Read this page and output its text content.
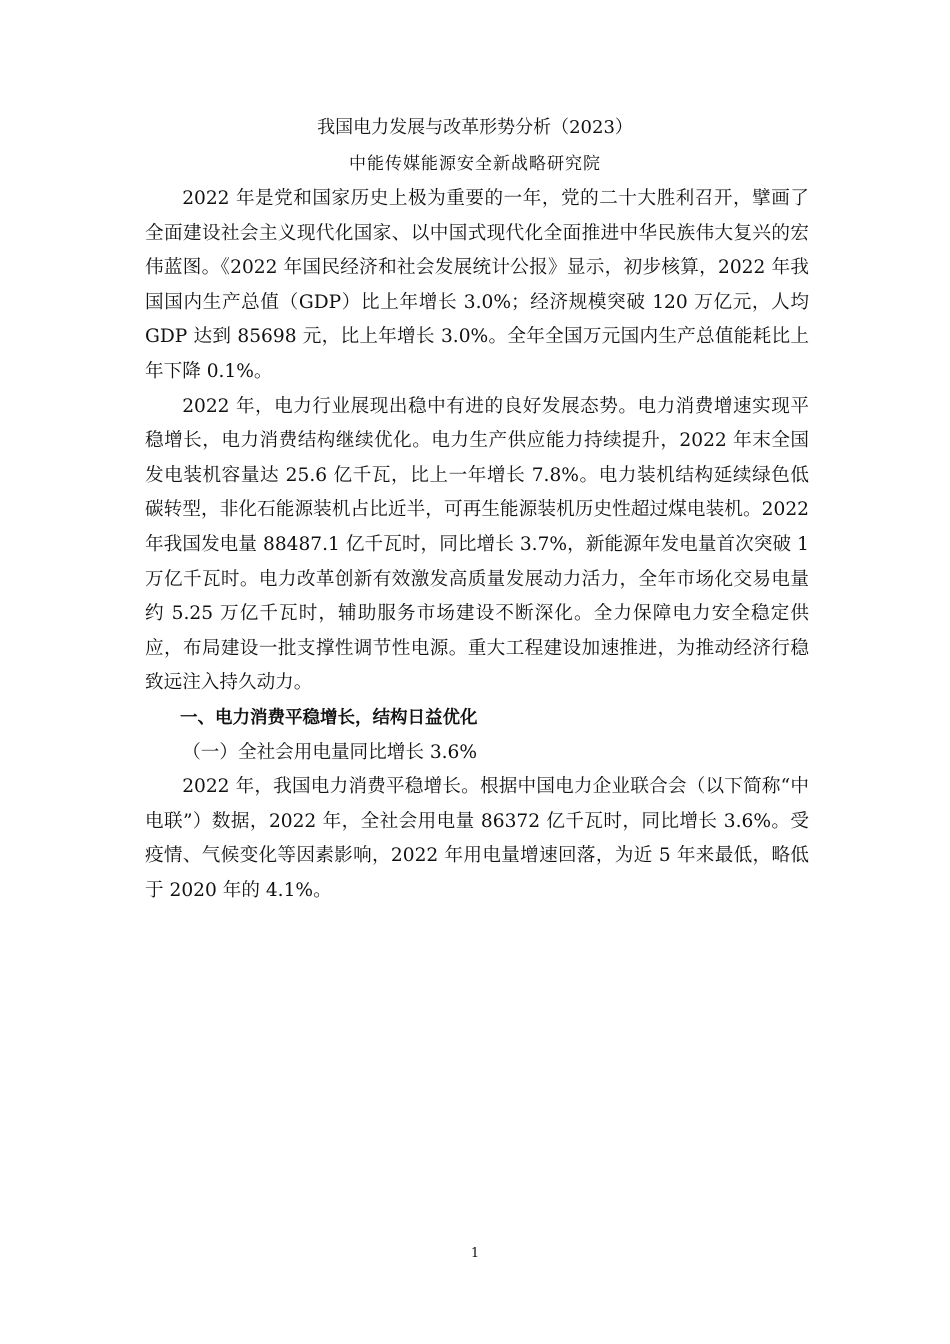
我国电力发展与改革形势分析（2023）
中能传媒能源安全新战略研究院

2022 年是党和国家历史上极为重要的一年，党的二十大胜利召开，擘画了全面建设社会主义现代化国家、以中国式现代化全面推进中华民族伟大复兴的宏伟蓝图。《2022 年国民经济和社会发展统计公报》显示，初步核算，2022 年我国国内生产总值（GDP）比上年增长 3.0%；经济规模突破 120 万亿元，人均 GDP 达到 85698 元，比上年增长 3.0%。全年全国万元国内生产总值能耗比上年下降 0.1%。

2022 年，电力行业展现出稳中有进的良好发展态势。电力消费增速实现平稳增长，电力消费结构继续优化。电力生产供应能力持续提升，2022 年末全国发电装机容量达 25.6 亿千瓦，比上一年增长 7.8%。电力装机结构延续绿色低碳转型，非化石能源装机占比近半，可再生能源装机历史性超过煤电装机。2022 年我国发电量 88487.1 亿千瓦时，同比增长 3.7%，新能源年发电量首次突破 1 万亿千瓦时。电力改革创新有效激发高质量发展动力活力，全年市场化交易电量约 5.25 万亿千瓦时，辅助服务市场建设不断深化。全力保障电力安全稳定供应，布局建设一批支撑性调节性电源。重大工程建设加速推进，为推动经济行稳致远注入持久动力。

一、电力消费平稳增长，结构日益优化

（一）全社会用电量同比增长 3.6%

2022 年，我国电力消费平稳增长。根据中国电力企业联合会（以下简称“中电联”）数据，2022 年，全社会用电量 86372 亿千瓦时，同比增长 3.6%。受疫情、气候变化等因素影响，2022 年用电量增速回落，为近 5 年来最低，略低于 2020 年的 4.1%。

1
